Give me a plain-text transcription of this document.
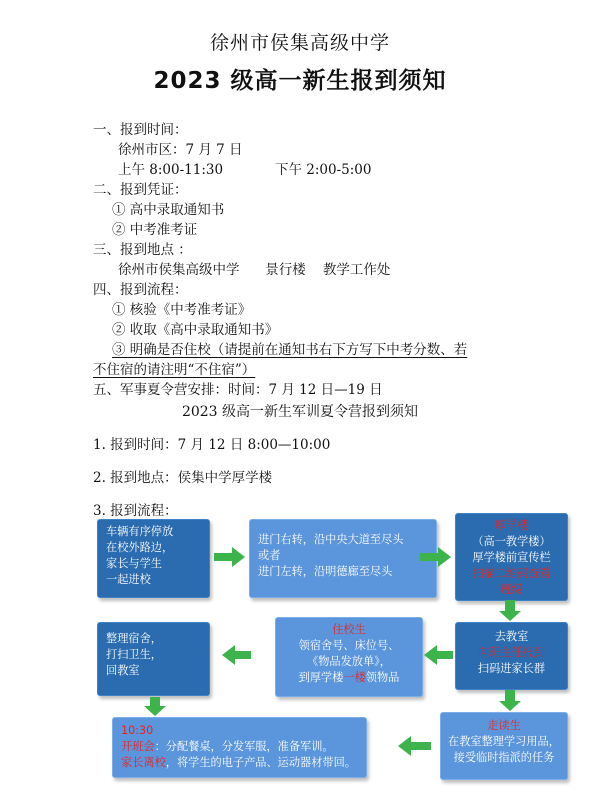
徐州市侯集高级中学
2023 级高一新生报到须知
一、报到时间：
徐州市区：7 月 7 日
上午 8:00-11:30	下午 2:00-5:00
二、报到凭证：
① 高中录取通知书
② 中考准考证
三、报到地点 ：
徐州市侯集高级中学      景行楼    教学工作处
四、报到流程：
① 核验《中考准考证》
② 收取《高中录取通知书》
③ 明确是否住校（请提前在通知书右下方写下中考分数、若
不住宿的请注明“不住宿”）
五、军事夏令营安排：时间：7 月 12 日—19 日
2023 级高一新生军训夏令营报到须知
1. 报到时间：7 月 12 日 8:00—10:00
2. 报到地点：侯集中学厚学楼
3. 报到流程：
车辆有序停放
在校外路边，
家长与学生
一起进校
进门右转，沿中央大道至尽头
或者
进门左转，沿明德廊至尽头
厚学楼
（高一教学楼）
厚学楼前宣传栏
扫描二维码查看
班级
整理宿舍，
打扫卫生，
回教室
住校生
领宿舍号、床位号、
《物品发放单》，
到厚学楼一楼领物品
去教室
向班主任报到
扫码进家长群
10:30
开班会：分配餐桌，分发军服，准备军训。
家长离校，将学生的电子产品、运动器材带回。
走读生
在教室整理学习用品，
接受临时指派的任务
